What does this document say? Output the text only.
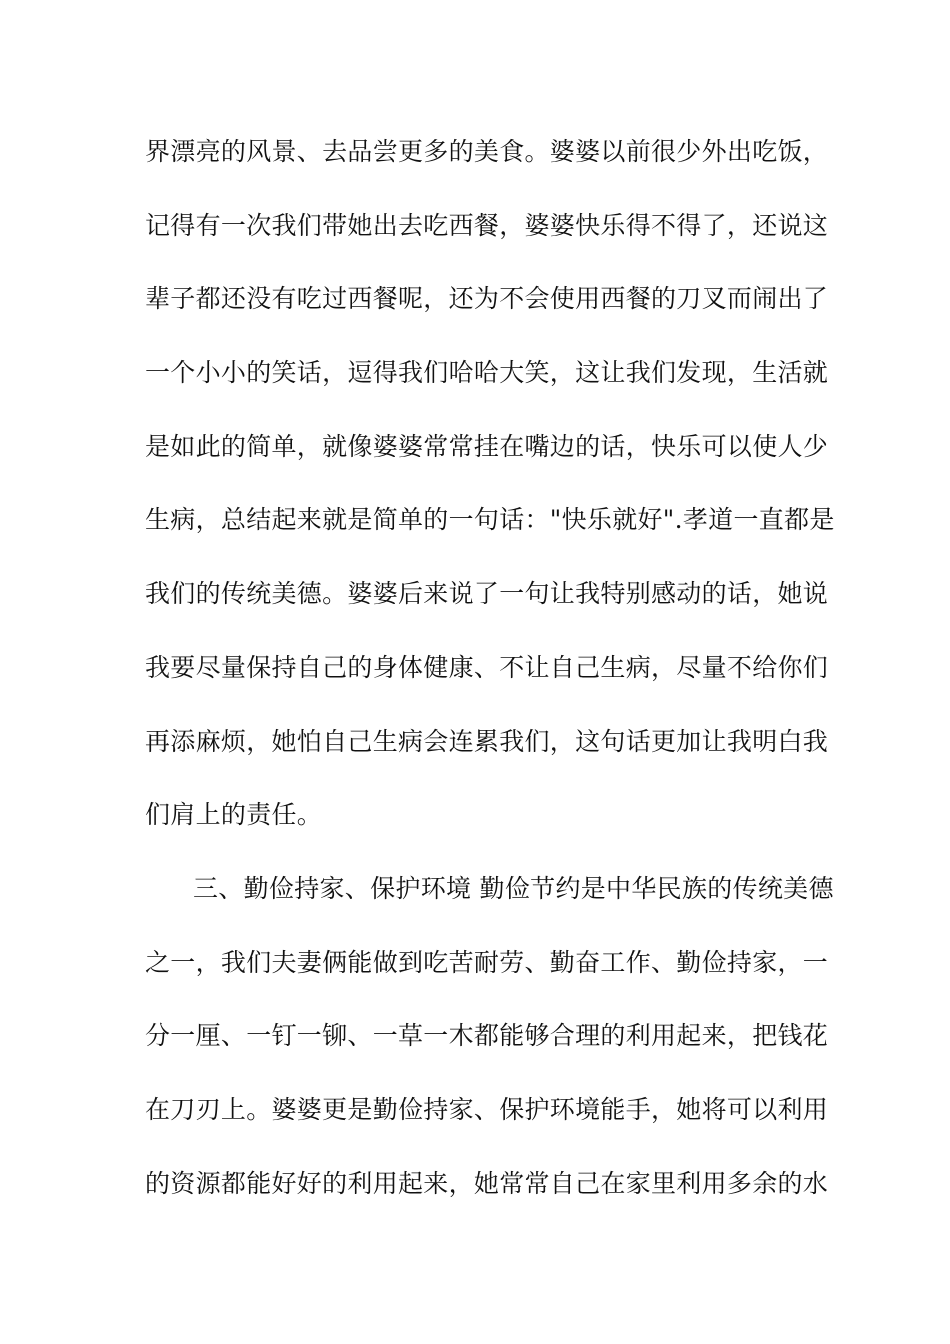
界漂亮的风景、去品尝更多的美食。婆婆以前很少外出吃饭，
记得有一次我们带她出去吃西餐，婆婆快乐得不得了，还说这
辈子都还没有吃过西餐呢，还为不会使用西餐的刀叉而闹出了
一个小小的笑话，逗得我们哈哈大笑，这让我们发现，生活就
是如此的简单，就像婆婆常常挂在嘴边的话，快乐可以使人少
生病，总结起来就是简单的一句话："快乐就好".孝道一直都是
我们的传统美德。婆婆后来说了一句让我特别感动的话，她说
我要尽量保持自己的身体健康、不让自己生病，尽量不给你们
再添麻烦，她怕自己生病会连累我们，这句话更加让我明白我
们肩上的责任。
三、勤俭持家、保护环境 勤俭节约是中华民族的传统美德
之一，我们夫妻俩能做到吃苦耐劳、勤奋工作、勤俭持家，一
分一厘、一钉一铆、一草一木都能够合理的利用起来，把钱花
在刀刃上。婆婆更是勤俭持家、保护环境能手，她将可以利用
的资源都能好好的利用起来，她常常自己在家里利用多余的水
